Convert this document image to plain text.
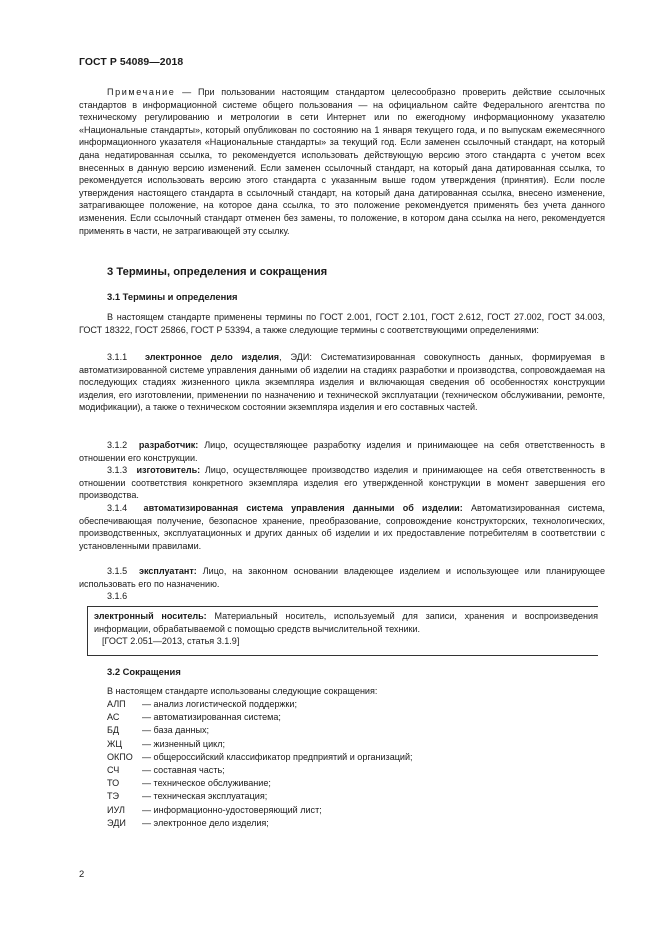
ГОСТ Р 54089—2018

Примечание — При пользовании настоящим стандартом целесообразно проверить действие ссылочных стандартов в информационной системе общего пользования — на официальном сайте Федерального агентства по техническому регулированию и метрологии в сети Интернет или по ежегодному информационному указателю «Национальные стандарты», который опубликован по состоянию на 1 января текущего года, и по выпускам ежемесячного информационного указателя «Национальные стандарты» за текущий год. Если заменен ссылочный стандарт, на который дана недатированная ссылка, то рекомендуется использовать действующую версию этого стандарта с учетом всех внесенных в данную версию изменений. Если заменен ссылочный стандарт, на который дана датированная ссылка, то рекомендуется использовать версию этого стандарта с указанным выше годом утверждения (принятия). Если после утверждения настоящего стандарта в ссылочный стандарт, на который дана датированная ссылка, внесено изменение, затрагивающее положение, на которое дана ссылка, то это положение рекомендуется применять без учета данного изменения. Если ссылочный стандарт отменен без замены, то положение, в котором дана ссылка на него, рекомендуется применять в части, не затрагивающей эту ссылку.

3 Термины, определения и сокращения
3.1 Термины и определения

В настоящем стандарте применены термины по ГОСТ 2.001, ГОСТ 2.101, ГОСТ 2.612, ГОСТ 27.002, ГОСТ 34.003, ГОСТ 18322, ГОСТ 25866, ГОСТ Р 53394, а также следующие термины с соответствующими определениями:

3.1.1 электронное дело изделия, ЭДИ: Систематизированная совокупность данных, формируемая в автоматизированной системе управления данными об изделии на стадиях разработки и производства, сопровождаемая на последующих стадиях жизненного цикла экземпляра изделия и включающая сведения об особенностях конструкции изделия, его изготовлении, применении по назначению и технической эксплуатации (техническом обслуживании, ремонте, модификации), а также о техническом состоянии экземпляра изделия и его составных частей.

3.1.2 разработчик: Лицо, осуществляющее разработку изделия и принимающее на себя ответственность в отношении его конструкции.

3.1.3 изготовитель: Лицо, осуществляющее производство изделия и принимающее на себя ответственность в отношении соответствия конкретного экземпляра изделия его утвержденной конструкции в момент завершения его производства.

3.1.4 автоматизированная система управления данными об изделии: Автоматизированная система, обеспечивающая получение, безопасное хранение, преобразование, сопровождение конструкторских, технологических, производственных, эксплуатационных и других данных об изделии и их предоставление потребителям в соответствии с установленными правилами.

3.1.5 эксплуатант: Лицо, на законном основании владеющее изделием и использующее или планирующее использовать его по назначению.

3.1.6

электронный носитель: Материальный носитель, используемый для записи, хранения и воспроизведения информации, обрабатываемой с помощью средств вычислительной техники.

[ГОСТ 2.051—2013, статья 3.1.9]
3.2 Сокращения

В настоящем стандарте использованы следующие сокращения:

АЛП	— анализ логистической поддержки;
АС	— автоматизированная система;
БД	— база данных;
ЖЦ	— жизненный цикл;
ОКПО	— общероссийский классификатор предприятий и организаций;
СЧ	— составная часть;
ТО	— техническое обслуживание;
ТЭ	— техническая эксплуатация;
ИУЛ	— информационно-удостоверяющий лист;
ЭДИ	— электронное дело изделия;
2
